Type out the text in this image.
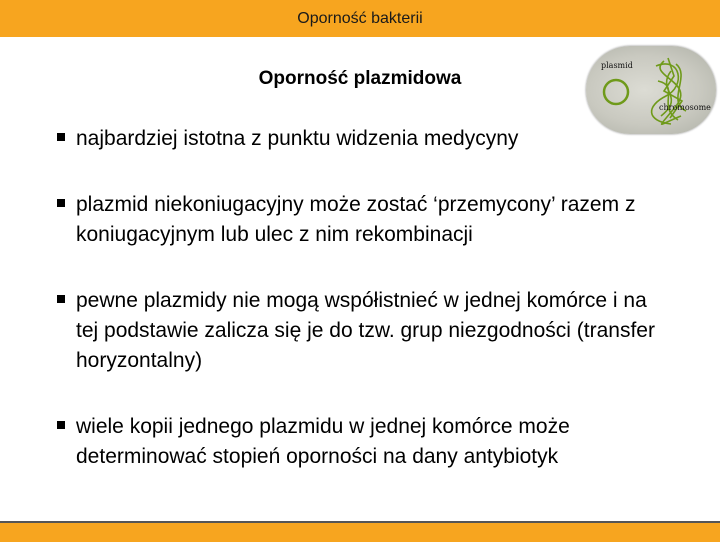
Oporność bakterii
Oporność plazmidowa
plasmid
chromosome
najbardziej istotna z punktu widzenia medycyny
plazmid niekoniugacyjny może zostać ‘przemycony’ razem z koniugacyjnym lub ulec z nim rekombinacji
pewne plazmidy nie mogą współistnieć w jednej komórce i na tej podstawie zalicza się je do tzw. grup niezgodności (transfer horyzontalny)
wiele kopii jednego plazmidu w jednej komórce może determinować stopień oporności na dany antybiotyk
